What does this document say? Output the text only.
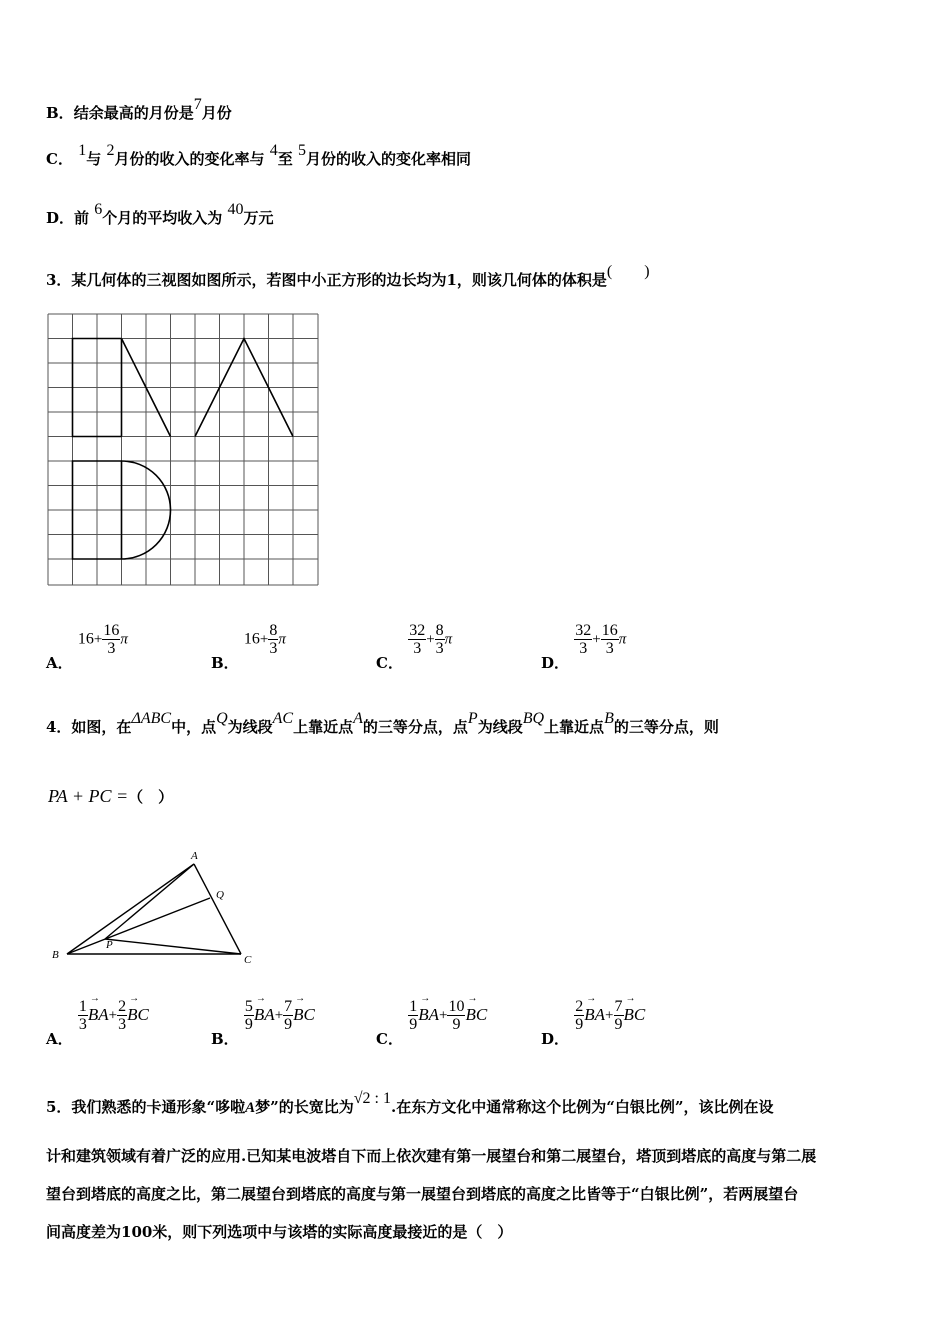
B．结余最高的月份是7月份
C． 1与 2月份的收入的变化率与 4至 5月份的收入的变化率相同
D．前 6个月的平均收入为 40万元
3．某几何体的三视图如图所示，若图中小正方形的边长均为1，则该几何体的体积是(　　)
A． $16+ \frac{16}{3}$ π
B． $16+ \frac{8}{3}$ π
C．
$\frac{32}{3} + \frac{8}{3}$ π
D．
$\frac{32}{3} + \frac{16}{3}$ π
4．如图，在ΔABC中，点Q为线段AC上靠近点A的三等分点，点P为线段BQ上靠近点B的三等分点，则
PA + PC =（　）
A
B	C
P
Q
A．
$\frac{1}{3}$
→ $BA+ \frac{2}{3}$
→ BC
B．
$\frac{5}{9}$
→ $BA+ \frac{7}{9}$
→ BC
C．
$\frac{1}{9}$
→ $BA+ \frac{10}{9}$
→ BC
D．
$\frac{2}{9}$
→ $BA+ \frac{7}{9}$
→ BC
5．我们熟悉的卡通形象“哆啦A梦”的长宽比为√2 : 1.在东方文化中通常称这个比例为“白银比例”，该比例在设
计和建筑领域有着广泛的应用.已知某电波塔自下而上依次建有第一展望台和第二展望台，塔顶到塔底的高度与第二展
望台到塔底的高度之比，第二展望台到塔底的高度与第一展望台到塔底的高度之比皆等于“白银比例”，若两展望台
间高度差为100米，则下列选项中与该塔的实际高度最接近的是（　）
